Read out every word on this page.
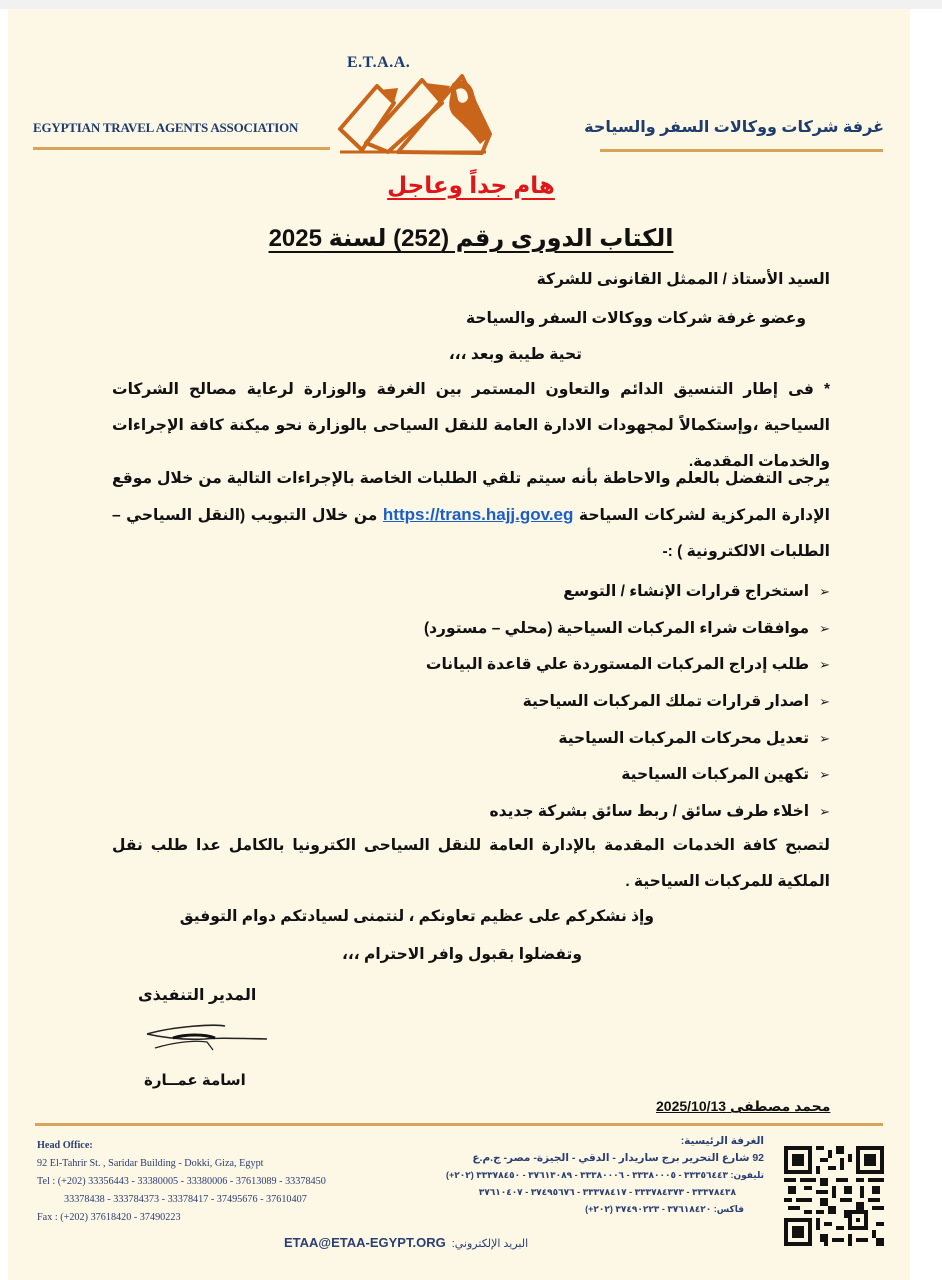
E.T.A.A.
EGYPTIAN TRAVEL AGENTS ASSOCIATION	غرفة شركات ووكالات السفر والسياحة
هام جداً وعاجل
الكتاب الدورى رقم (252) لسنة 2025
السيد الأستاذ / الممثل القانونى للشركة
وعضو غرفة شركات ووكالات السفر والسياحة
تحية طيبة وبعد ،،،
* فى إطار التنسيق الدائم والتعاون المستمر بين الغرفة والوزارة لرعاية مصالح الشركات السياحية ،وإستكمالاً لمجهودات الادارة العامة للنقل السياحى بالوزارة نحو ميكنة كافة الإجراءات والخدمات المقدمة.
يرجى التفضل بالعلم والاحاطة بأنه سيتم تلقي الطلبات الخاصة بالإجراءات التالية من خلال موقع الإدارة المركزية لشركات السياحة https://trans.hajj.gov.eg من خلال التبويب (النقل السياحي – الطلبات الالكترونية ) :-
➢
استخراج قرارات الإنشاء / التوسع
➢
موافقات شراء المركبات السياحية (محلي – مستورد)
➢
طلب إدراج المركبات المستوردة علي قاعدة البيانات
➢
اصدار قرارات تملك المركبات السياحية
➢
تعديل محركات المركبات السياحية
➢
تكهين المركبات السياحية
➢
اخلاء طرف سائق / ربط سائق بشركة جديده
لتصبح كافة الخدمات المقدمة بالإدارة العامة للنقل السياحى الكترونيا بالكامل عدا طلب نقل الملكية للمركبات السياحية .
وإذ نشكركم على عظيم تعاونكم ، لنتمنى لسيادتكم دوام التوفيق
وتفضلوا بقبول وافر الاحترام ،،،
المدير التنفيذى
اسامة عمــارة
محمد مصطفى 2025/10/13
Head Office:
92 El-Tahrir St. , Saridar Building - Dokki, Giza, Egypt
Tel : (+202) 33356443 - 33380005 - 33380006 - 37613089 - 33378450
33378438 - 333784373 - 33378417 - 37495676 - 37610407
Fax : (+202) 37618420 - 37490223
الغرفة الرئيسية:
92 شارع التحرير برج ساريدار - الدقي - الجيزة- مصر- ج.م.ع
تليفون: ٣٣٣٥٦٤٤٣ - ٣٣٣٨٠٠٠٥ - ٣٣٣٨٠٠٠٦ - ٣٧٦١٣٠٨٩ - ٣٣٣٧٨٤٥٠ (٢٠٢+)
٣٣٣٧٨٤٣٨ - ٣٣٣٧٨٤٣٧٣ - ٣٣٣٧٨٤١٧ - ٣٧٤٩٥٦٧٦ - ٣٧٦١٠٤٠٧
فاكس: ٣٧٦١٨٤٢٠ - ٣٧٤٩٠٢٢٣ (٢٠٢+)
ETAA@ETAA-EGYPT.ORG البريد الإلكتروني:
